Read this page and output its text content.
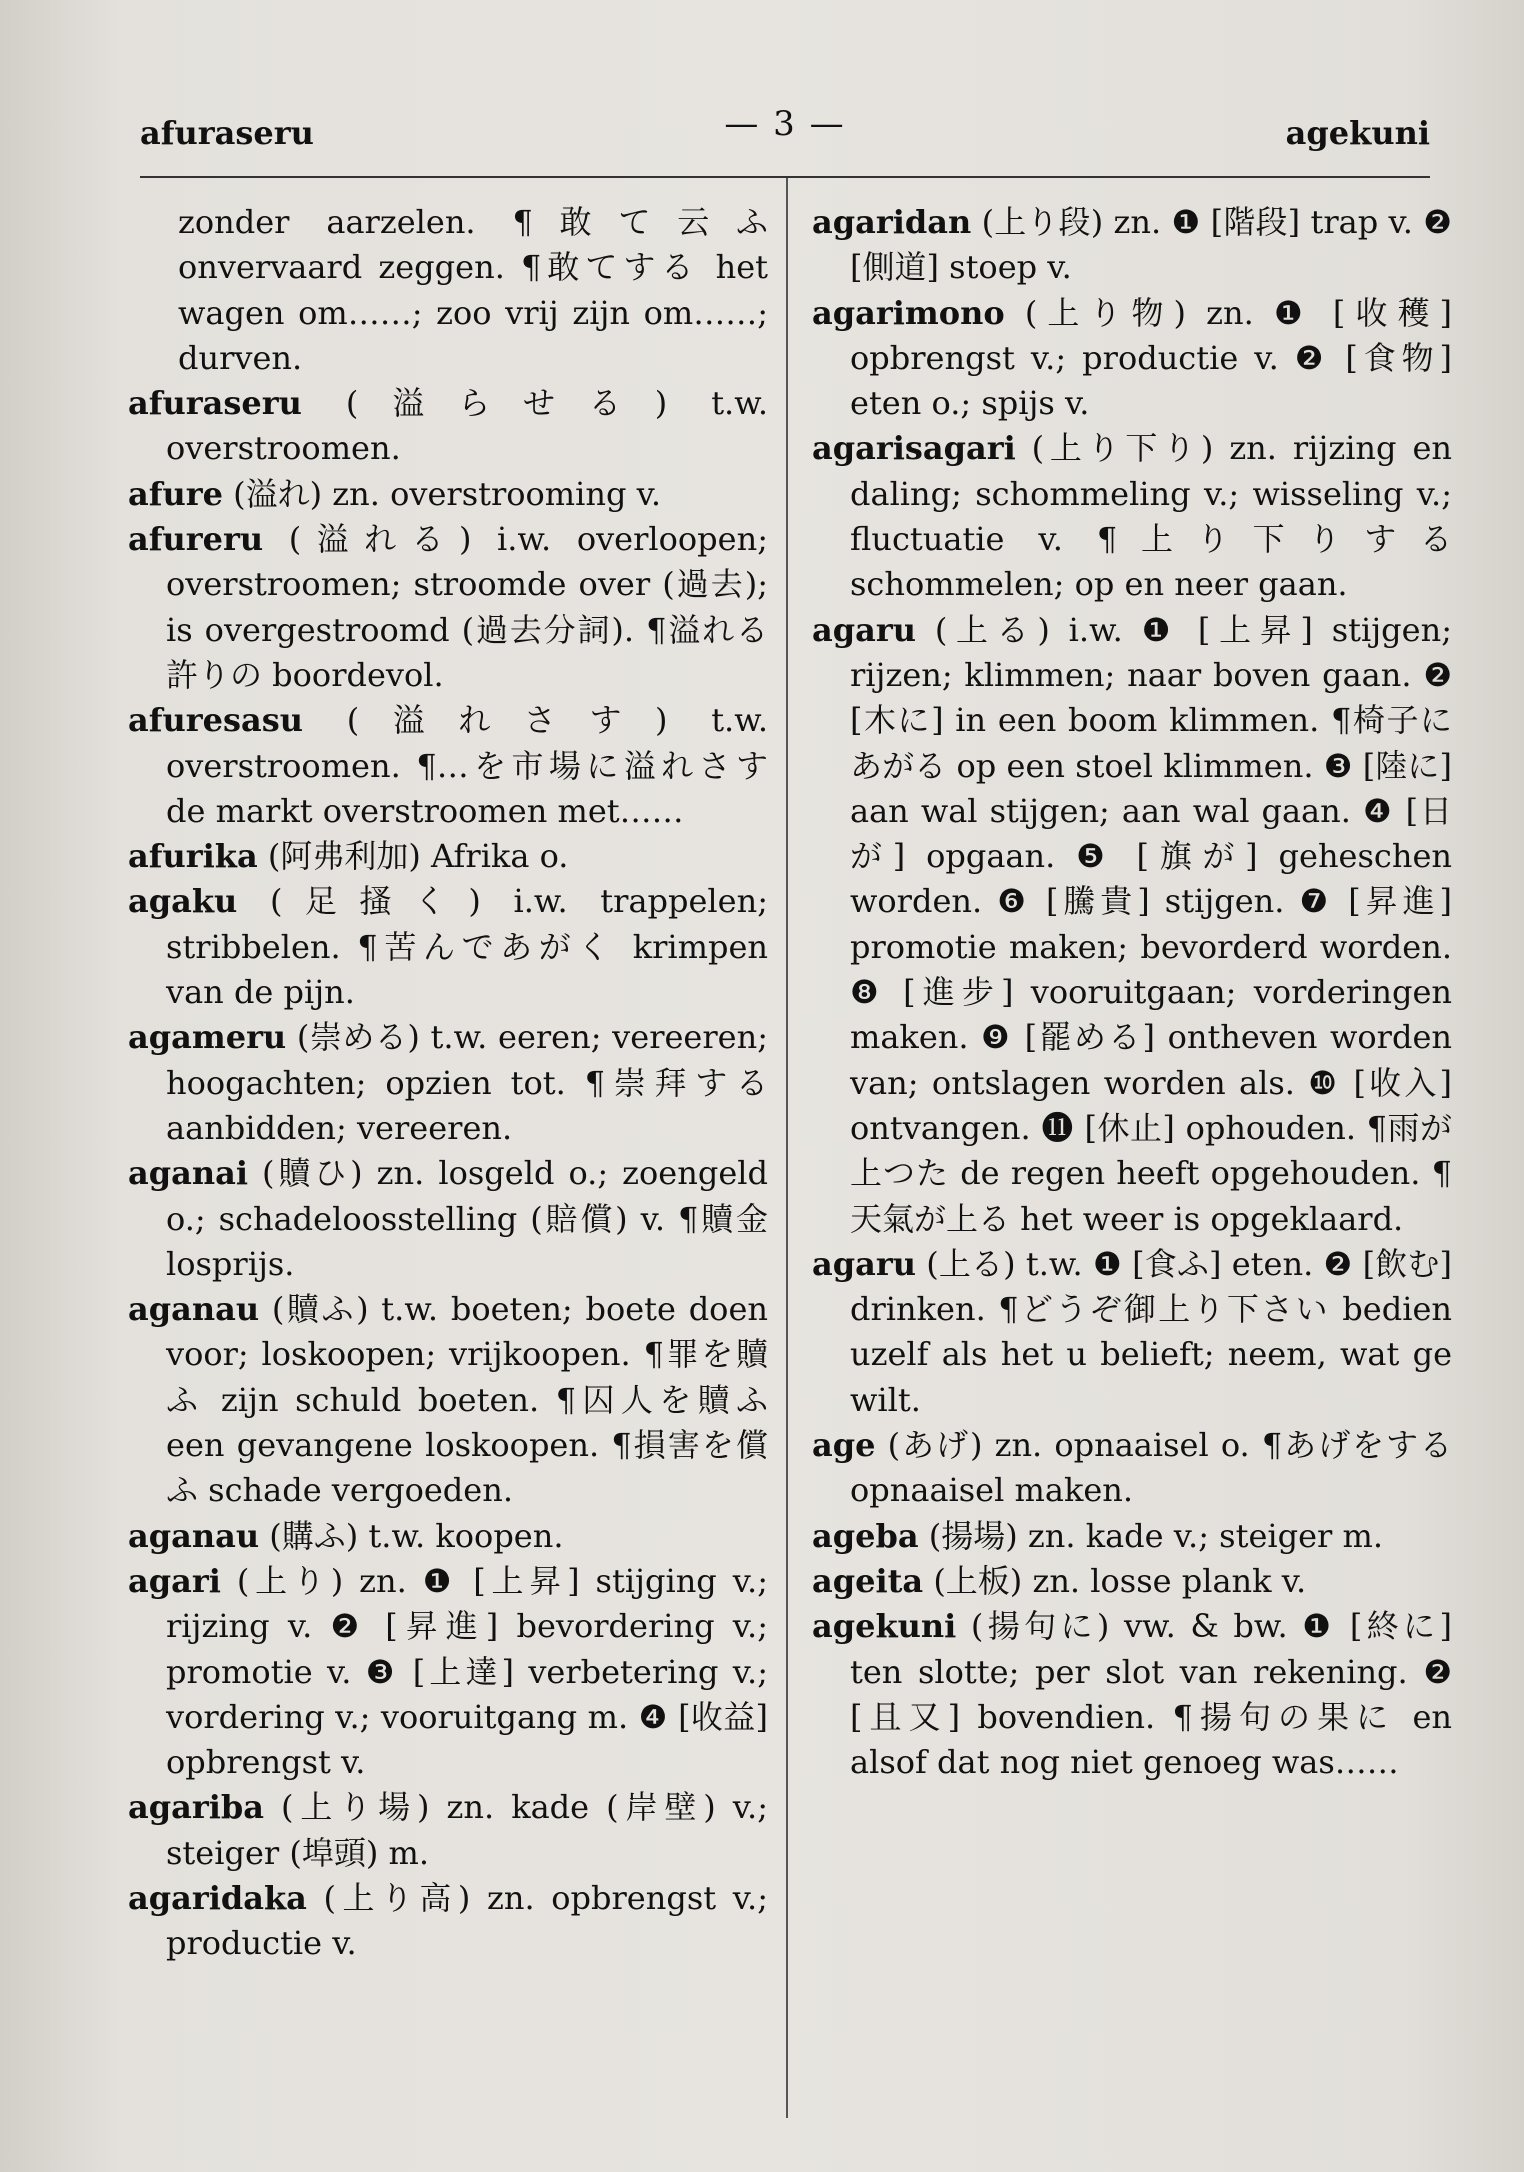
afuraseru	— 3 —	agekuni

zonder aarzelen. ¶敢て云ふ onvervaard zeggen. ¶敢てする het wagen om……; zoo vrij zijn om……; durven.

afuraseru (溢らせる) t.w. overstroomen.

afure (溢れ) zn. overstrooming v.

afureru (溢れる) i.w. overloopen; overstroomen; stroomde over (過去); is overgestroomd (過去分詞). ¶溢れる許りの boordevol.

afuresasu (溢れさす) t.w. overstroomen. ¶…を市場に溢れさす de markt overstroomen met……

afurika (阿弗利加) Afrika o.

agaku (足搔く) i.w. trappelen; stribbelen. ¶苦んであがく krimpen van de pijn.

agameru (崇める) t.w. eeren; vereeren; hoogachten; opzien tot. ¶崇拜する aanbidden; vereeren.

aganai (贖ひ) zn. losgeld o.; zoengeld o.; schadeloosstelling (賠償) v. ¶贖金 losprijs.

aganau (贖ふ) t.w. boeten; boete doen voor; loskoopen; vrijkoopen. ¶罪を贖ふ zijn schuld boeten. ¶囚人を贖ふ een gevangene loskoopen. ¶損害を償ふ schade vergoeden.

aganau (購ふ) t.w. koopen.

agari (上り) zn. ❶ [上昇] stijging v.; rijzing v. ❷ [昇進] bevordering v.; promotie v. ❸ [上達] verbetering v.; vordering v.; vooruitgang m. ❹ [收益] opbrengst v.

agariba (上り場) zn. kade (岸壁) v.; steiger (埠頭) m.

agaridaka (上り高) zn. opbrengst v.; productie v.

agaridan (上り段) zn. ❶ [階段] trap v. ❷ [側道] stoep v.

agarimono (上り物) zn. ❶ [收穫] opbrengst v.; productie v. ❷ [食物] eten o.; spijs v.

agarisagari (上り下り) zn. rijzing en daling; schommeling v.; wisseling v.; fluctuatie v. ¶上り下りする schommelen; op en neer gaan.

agaru (上る) i.w. ❶ [上昇] stijgen; rijzen; klimmen; naar boven gaan. ❷ [木に] in een boom klimmen. ¶椅子にあがる op een stoel klimmen. ❸ [陸に] aan wal stijgen; aan wal gaan. ❹ [日が] opgaan. ❺ [旗が] geheschen worden. ❻ [騰貴] stijgen. ❼ [昇進] promotie maken; bevorderd worden. ❽ [進步] vooruitgaan; vorderingen maken. ❾ [罷める] ontheven worden van; ontslagen worden als. ❿ [收入] ontvangen. ⓫ [休止] ophouden. ¶雨が上つた de regen heeft opgehouden. ¶天氣が上る het weer is opgeklaard.

agaru (上る) t.w. ❶ [食ふ] eten. ❷ [飲む] drinken. ¶どうぞ御上り下さい bedien uzelf als het u belieft; neem, wat ge wilt.

age (あげ) zn. opnaaisel o. ¶あげをする opnaaisel maken.

ageba (揚場) zn. kade v.; steiger m.

ageita (上板) zn. losse plank v.

agekuni (揚句に) vw. & bw. ❶ [終に] ten slotte; per slot van rekening. ❷ [且又] bovendien. ¶揚句の果に en alsof dat nog niet genoeg was……
